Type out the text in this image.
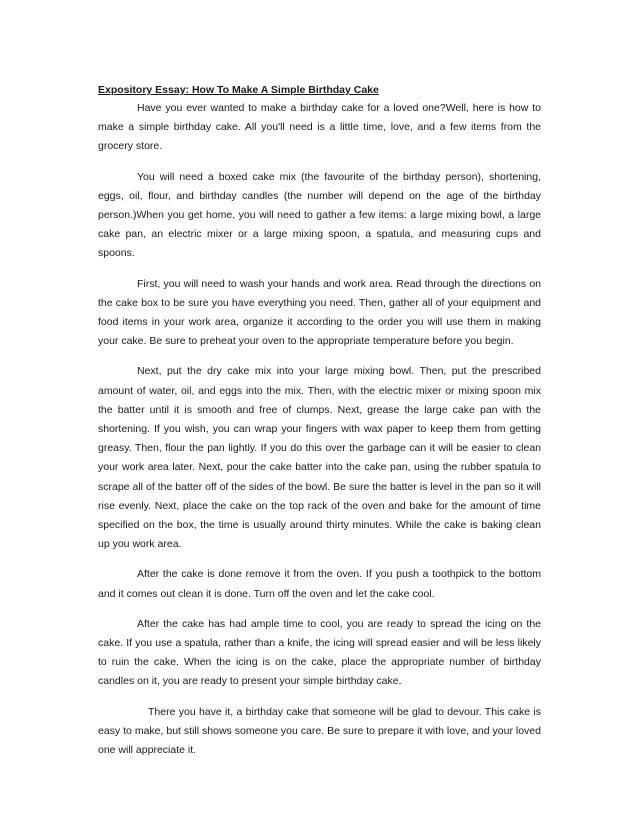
Expository Essay: How To Make A Simple Birthday Cake

Have you ever wanted to make a birthday cake for a loved one?Well, here is how to make a simple birthday cake. All you'll need is a little time, love, and a few items from the grocery store.

You will need a boxed cake mix (the favourite of the birthday person), shortening, eggs, oil, flour, and birthday candles (the number will depend on the age of the birthday person.)When you get home, you will need to gather a few items: a large mixing bowl, a large cake pan, an electric mixer or a large mixing spoon, a spatula, and measuring cups and spoons.

First, you will need to wash your hands and work area. Read through the directions on the cake box to be sure you have everything you need. Then, gather all of your equipment and food items in your work area, organize it according to the order you will use them in making your cake. Be sure to preheat your oven to the appropriate temperature before you begin.

Next, put the dry cake mix into your large mixing bowl. Then, put the prescribed amount of water, oil, and eggs into the mix. Then, with the electric mixer or mixing spoon mix the batter until it is smooth and free of clumps. Next, grease the large cake pan with the shortening. If you wish, you can wrap your fingers with wax paper to keep them from getting greasy. Then, flour the pan lightly. If you do this over the garbage can it will be easier to clean your work area later. Next, pour the cake batter into the cake pan, using the rubber spatula to scrape all of the batter off of the sides of the bowl. Be sure the batter is level in the pan so it will rise evenly. Next, place the cake on the top rack of the oven and bake for the amount of time specified on the box, the time is usually around thirty minutes. While the cake is baking clean up you work area.

After the cake is done remove it from the oven. If you push a toothpick to the bottom and it comes out clean it is done. Turn off the oven and let the cake cool.

After the cake has had ample time to cool, you are ready to spread the icing on the cake. If you use a spatula, rather than a knife, the icing will spread easier and will be less likely to ruin the cake. When the icing is on the cake, place the appropriate number of birthday candles on it, you are ready to present your simple birthday cake.

There you have it, a birthday cake that someone will be glad to devour. This cake is easy to make, but still shows someone you care. Be sure to prepare it with love, and your loved one will appreciate it.
